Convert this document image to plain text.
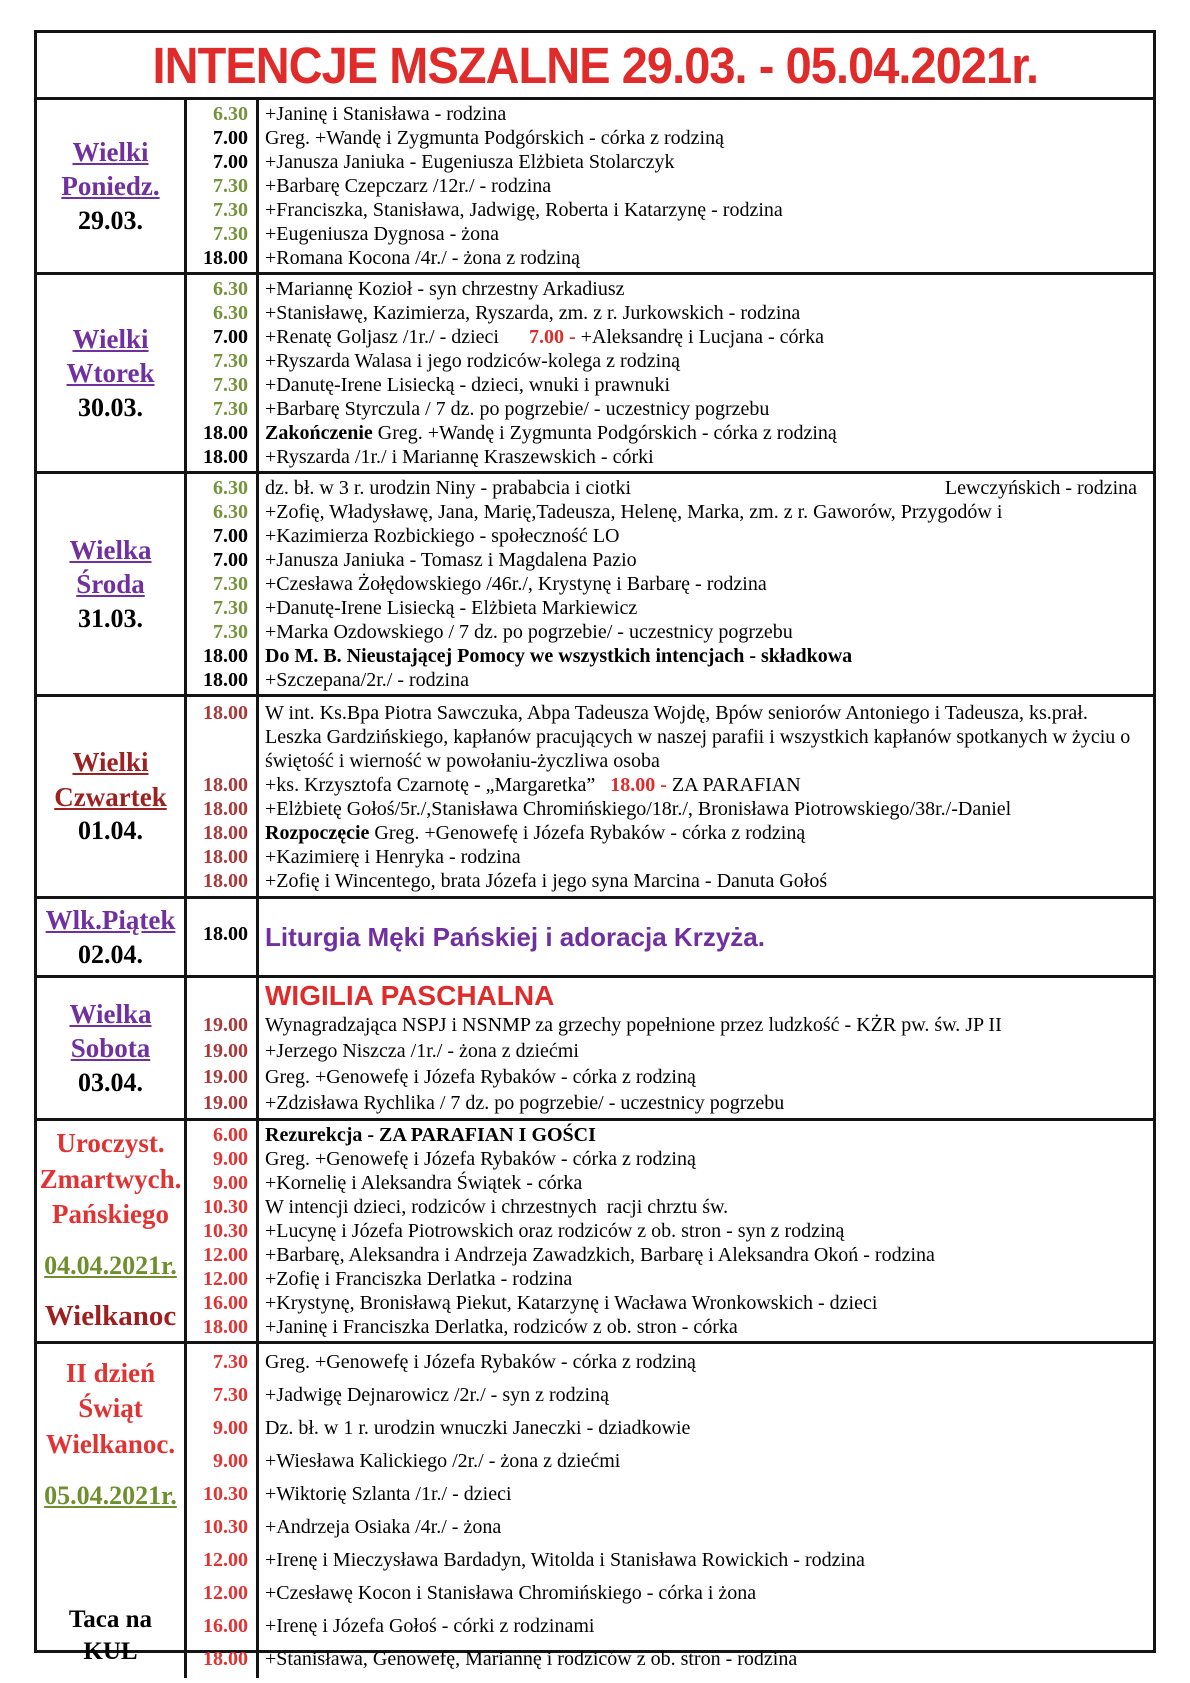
INTENCJE MSZALNE 29.03. - 05.04.2021r.
Wielki
Poniedz.
29.03.
6.30 +Janinę i Stanisława - rodzina
7.00 Greg. +Wandę i Zygmunta Podgórskich - córka z rodziną
7.00 +Janusza Janiuka - Eugeniusza Elżbieta Stolarczyk
7.30 +Barbarę Czepczarz /12r./ - rodzina
7.30 +Franciszka, Stanisława, Jadwigę, Roberta i Katarzynę - rodzina
7.30 +Eugeniusza Dygnosa - żona
18.00 +Romana Kocona /4r./ - żona z rodziną
Wielki
Wtorek
30.03.
6.30 +Mariannę Kozioł - syn chrzestny Arkadiusz
6.30 +Stanisławę, Kazimierza, Ryszarda, zm. z r. Jurkowskich - rodzina
7.00 +Renatę Goljasz /1r./ - dzieci      7.00 - +Aleksandrę i Lucjana - córka
7.30 +Ryszarda Walasa i jego rodziców-kolega z rodziną
7.30 +Danutę-Irene Lisiecką - dzieci, wnuki i prawnuki
7.30 +Barbarę Styrczula / 7 dz. po pogrzebie/ - uczestnicy pogrzebu
18.00 Zakończenie Greg. +Wandę i Zygmunta Podgórskich - córka z rodziną
18.00 +Ryszarda /1r./ i Mariannę Kraszewskich - córki
Wielka
Środa
31.03.
6.30 dz. bł. w 3 r. urodzin Niny - prababcia i ciotki	Lewczyńskich - rodzina
6.30 +Zofię, Władysławę, Jana, Marię,Tadeusza, Helenę, Marka, zm. z r. Gaworów, Przygodów i
7.00 +Kazimierza Rozbickiego - społeczność LO
7.00 +Janusza Janiuka - Tomasz i Magdalena Pazio
7.30 +Czesława Żołędowskiego /46r./, Krystynę i Barbarę - rodzina
7.30 +Danutę-Irene Lisiecką - Elżbieta Markiewicz
7.30 +Marka Ozdowskiego / 7 dz. po pogrzebie/ - uczestnicy pogrzebu
18.00 Do M. B. Nieustającej Pomocy we wszystkich intencjach - składkowa
18.00 +Szczepana/2r./ - rodzina
Wielki
Czwartek
01.04.
18.00 W int. Ks.Bpa Piotra Sawczuka, Abpa Tadeusza Wojdę, Bpów seniorów Antoniego i Tadeusza, ks.prał. Leszka Gardzińskiego, kapłanów pracujących w naszej parafii i wszystkich kapłanów spotkanych w życiu o świętość i wierność w powołaniu-życzliwa osoba
18.00 +ks. Krzysztofa Czarnotę - „Margaretka”   18.00 - ZA PARAFIAN
18.00 +Elżbietę Gołoś/5r./,Stanisława Chromińskiego/18r./, Bronisława Piotrowskiego/38r./-Daniel
18.00 Rozpoczęcie Greg. +Genowefę i Józefa Rybaków - córka z rodziną
18.00 +Kazimierę i Henryka - rodzina
18.00 +Zofię i Wincentego, brata Józefa i jego syna Marcina - Danuta Gołoś
Wlk.Piątek
02.04.
18.00 Liturgia Męki Pańskiej i adoracja Krzyża.
Wielka
Sobota
03.04.
WIGILIA PASCHALNA
19.00 Wynagradzająca NSPJ i NSNMP za grzechy popełnione przez ludzkość - KŻR pw. św. JP II
19.00 +Jerzego Niszcza /1r./ - żona z dziećmi
19.00 Greg. +Genowefę i Józefa Rybaków - córka z rodziną
19.00 +Zdzisława Rychlika / 7 dz. po pogrzebie/ - uczestnicy pogrzebu
Uroczyst.
Zmartwych.
Pańskiego
04.04.2021r.
Wielkanoc
6.00 Rezurekcja - ZA PARAFIAN I GOŚCI
9.00 Greg. +Genowefę i Józefa Rybaków - córka z rodziną
9.00 +Kornelię i Aleksandra Świątek - córka
10.30 W intencji dzieci, rodziców i chrzestnych  racji chrztu św.
10.30 +Lucynę i Józefa Piotrowskich oraz rodziców z ob. stron - syn z rodziną
12.00 +Barbarę, Aleksandra i Andrzeja Zawadzkich, Barbarę i Aleksandra Okoń - rodzina
12.00 +Zofię i Franciszka Derlatka - rodzina
16.00 +Krystynę, Bronisławą Piekut, Katarzynę i Wacława Wronkowskich - dzieci
18.00 +Janinę i Franciszka Derlatka, rodziców z ob. stron - córka
II dzień
Świąt
Wielkanoc.
05.04.2021r.
Taca na KUL
7.30 Greg. +Genowefę i Józefa Rybaków - córka z rodziną
7.30 +Jadwigę Dejnarowicz /2r./ - syn z rodziną
9.00 Dz. bł. w 1 r. urodzin wnuczki Janeczki - dziadkowie
9.00 +Wiesława Kalickiego /2r./ - żona z dziećmi
10.30 +Wiktorię Szlanta /1r./ - dzieci
10.30 +Andrzeja Osiaka /4r./ - żona
12.00 +Irenę i Mieczysława Bardadyn, Witolda i Stanisława Rowickich - rodzina
12.00 +Czesławę Kocon i Stanisława Chromińskiego - córka i żona
16.00 +Irenę i Józefa Gołoś - córki z rodzinami
18.00 +Stanisława, Genowefę, Mariannę i rodziców z ob. stron - rodzina
